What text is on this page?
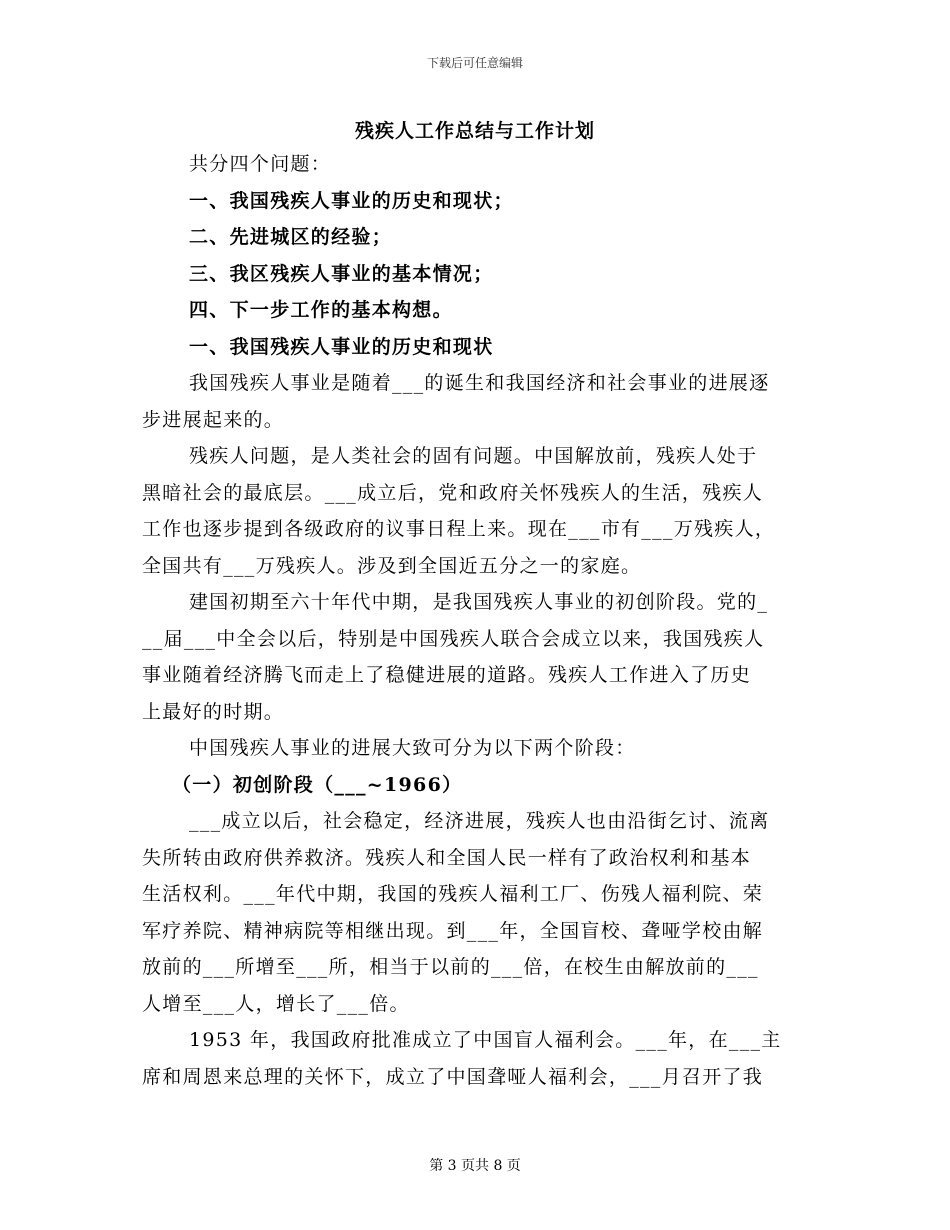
下载后可任意编辑
残疾人工作总结与工作计划
共分四个问题：
一、我国残疾人事业的历史和现状；
二、先进城区的经验；
三、我区残疾人事业的基本情况；
四、下一步工作的基本构想。
一、我国残疾人事业的历史和现状
我国残疾人事业是随着___的诞生和我国经济和社会事业的进展逐
步进展起来的。
残疾人问题，是人类社会的固有问题。中国解放前，残疾人处于
黑暗社会的最底层。___成立后，党和政府关怀残疾人的生活，残疾人
工作也逐步提到各级政府的议事日程上来。现在___市有___万残疾人，
全国共有___万残疾人。涉及到全国近五分之一的家庭。
建国初期至六十年代中期，是我国残疾人事业的初创阶段。党的_
__届___中全会以后，特别是中国残疾人联合会成立以来，我国残疾人
事业随着经济腾飞而走上了稳健进展的道路。残疾人工作进入了历史
上最好的时期。
中国残疾人事业的进展大致可分为以下两个阶段：
（一）初创阶段（___~1966）
___成立以后，社会稳定，经济进展，残疾人也由沿街乞讨、流离
失所转由政府供养救济。残疾人和全国人民一样有了政治权利和基本
生活权利。___年代中期，我国的残疾人福利工厂、伤残人福利院、荣
军疗养院、精神病院等相继出现。到___年，全国盲校、聋哑学校由解
放前的___所增至___所，相当于以前的___倍，在校生由解放前的___
人增至___人，增长了___倍。
1953 年，我国政府批准成立了中国盲人福利会。___年，在___主
席和周恩来总理的关怀下，成立了中国聋哑人福利会，___月召开了我
第 3 页共 8 页
